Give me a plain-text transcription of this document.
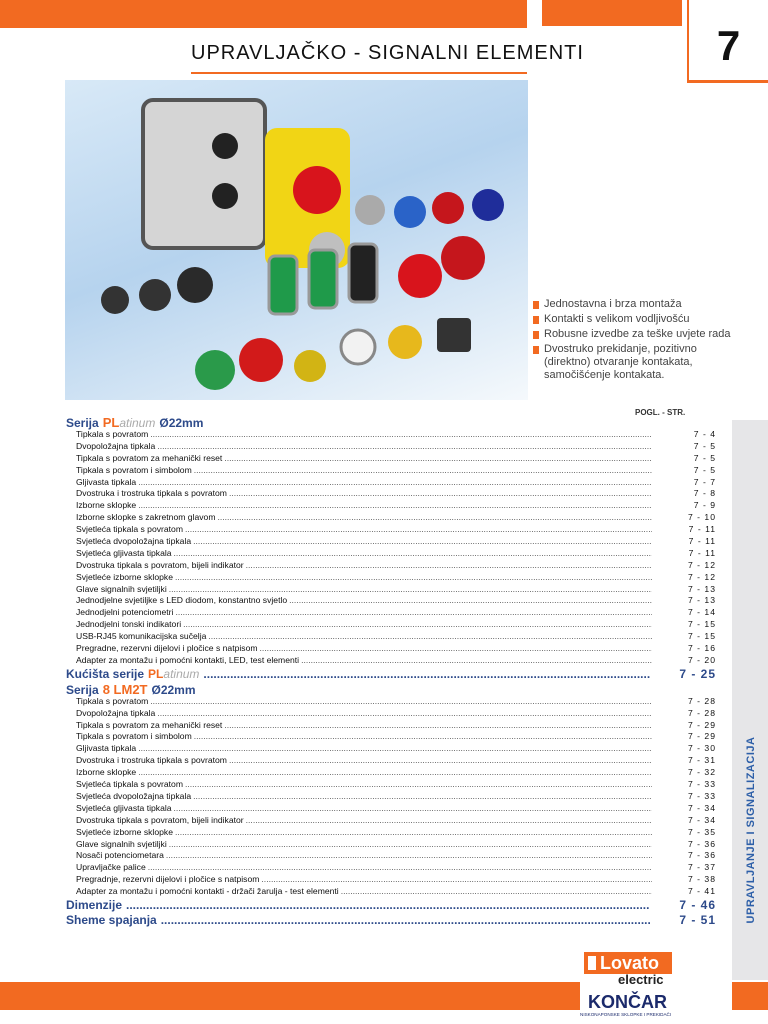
7
UPRAVLJAČKO - SIGNALNI ELEMENTI
Jednostavna i brza montaža
Kontakti s velikom vodljivošću
Robusne izvedbe za teške uvjete rada
Dvostruko prekidanje, pozitivno (direktno) otvaranje kontakata, samočišćenje kontakata.
POGL. - STR.
UPRAVLJANJE I SIGNALIZACIJA
Serija PL atinum Ø22mm
Tipkala s povratom .....	7 - 4
Dvopoložajna tipkala .....	7 - 5
Tipkala s povratom za mehanički reset .....	7 - 5
Tipkala s povratom i simbolom .....	7 - 5
Gljivasta tipkala .....	7 - 7
Dvostruka i trostruka tipkala s povratom .....	7 - 8
Izborne sklopke .....	7 - 9
Izborne sklopke s zakretnom glavom .....	7 - 10
Svjetleća tipkala s povratom .....	7 - 11
Svjetleća dvopoložajna tipkala .....	7 - 11
Svjetleća gljivasta tipkala .....	7 - 11
Dvostruka tipkala s povratom, bijeli indikator .....	7 - 12
Svjetleće izborne sklopke .....	7 - 12
Glave signalnih svjetiljki .....	7 - 13
Jednodjelne svjetiljke s LED diodom, konstantno svjetlo .....	7 - 13
Jednodjelni potenciometri .....	7 - 14
Jednodjelni tonski indikatori .....	7 - 15
USB-RJ45 komunikacijska sučelja .....	7 - 15
Pregradne, rezervni dijelovi i pločice s natpisom .....	7 - 16
Adapter za montažu i pomoćni kontakti, LED, test elementi .....	7 - 20
Kućišta serije PL atinum .....	7 - 25
Serija 8 LM2T Ø22mm
Tipkala s povratom .....	7 - 28
Dvopoložajna tipkala .....	7 - 28
Tipkala s povratom za mehanički reset .....	7 - 29
Tipkala s povratom i simbolom .....	7 - 29
Gljivasta tipkala .....	7 - 30
Dvostruka i trostruka tipkala s povratom .....	7 - 31
Izborne sklopke .....	7 - 32
Svjetleća tipkala s povratom .....	7 - 33
Svjetleća dvopoložajna tipkala .....	7 - 33
Svjetleća gljivasta tipkala .....	7 - 34
Dvostruka tipkala s povratom, bijeli indikator .....	7 - 34
Svjetleće izborne sklopke .....	7 - 35
Glave signalnih svjetiljki .....	7 - 36
Nosači potenciometara .....	7 - 36
Upravljačke palice .....	7 - 37
Pregradnje, rezervni dijelovi i pločice s natpisom .....	7 - 38
Adapter za montažu i pomoćni kontakti - držači žarulja - test elementi .....	7 - 41
Dimenzije .....	7 - 46
Sheme spajanja .....	7 - 51
Lovato
electric
KONČAR
NISKONAPONSKE SKLOPKE I PREKIDAČI
